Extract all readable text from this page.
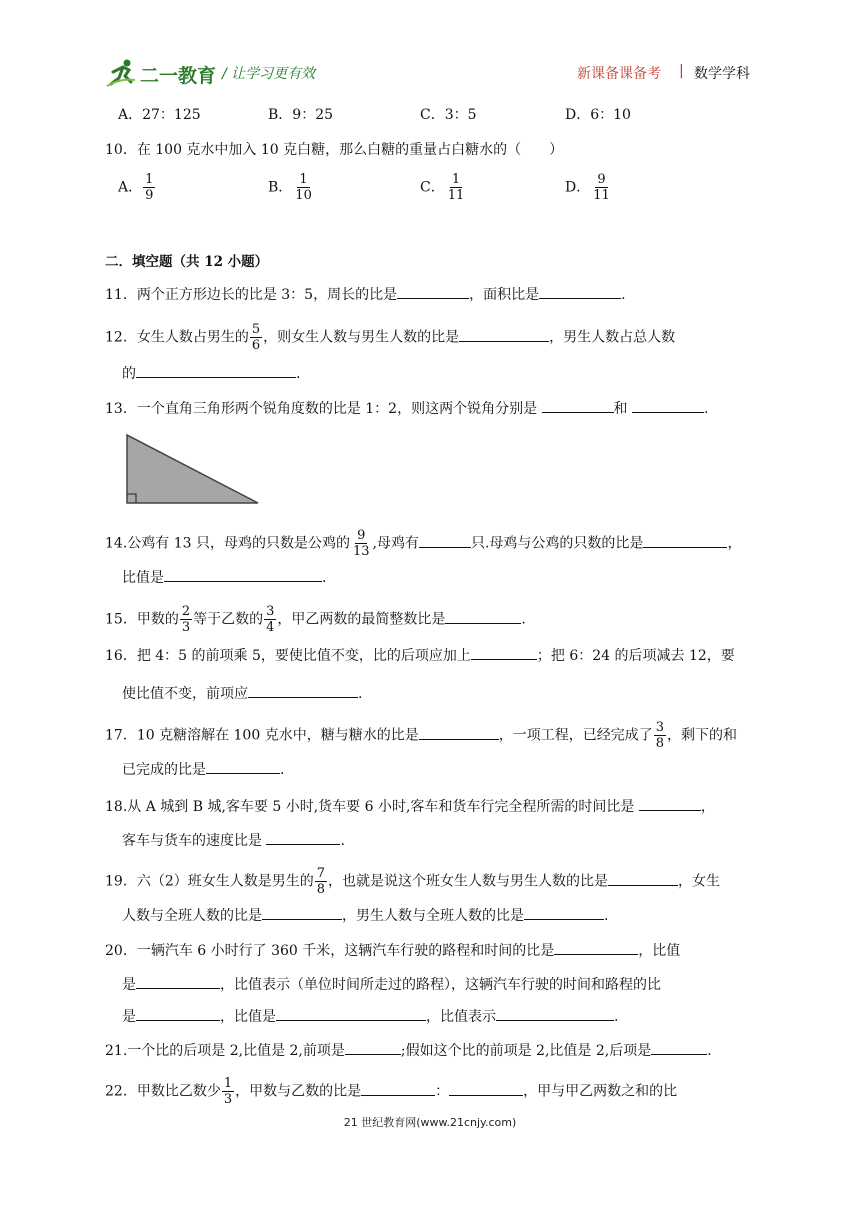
二一教育 / 让学习更有效	新课备课备考 | 数学学科
A．27：125	B．9：25	C．3：5	D．6：10
10．在 100 克水中加入 10 克白糖，那么白糖的重量占白糖水的（　　）
A． $\frac{1}{9}$	B． $\frac{1}{10}$	C． $\frac{1}{11}$	D． $\frac{9}{11}$
二．填空题（共 12 小题）
11．两个正方形边长的比是 3：5，周长的比是	，面积比是	.
12．女生人数占男生的 $\frac{5}{6}$ ，则女生人数与男生人数的比是	，男生人数占总人数
的	.
13．一个直角三角形两个锐角度数的比是 1：2，则这两个锐角分别是	和	.
14.公鸡有 13 只，母鸡的只数是公鸡的 $\frac{9}{13}$ ,母鸡有	只.母鸡与公鸡的只数的比是	，
比值是	.
15．甲数的 $\frac{2}{3}$ 等于乙数的 $\frac{3}{4}$ ，甲乙两数的最简整数比是	.
16．把 4：5 的前项乘 5，要使比值不变，比的后项应加上	；把 6：24 的后项减去 12，要
使比值不变，前项应	.
17．10 克糖溶解在 100 克水中，糖与糖水的比是	，一项工程，已经完成了 $\frac{3}{8}$ ，剩下的和
已完成的比是	.
18.从 A 城到 B 城,客车要 5 小时,货车要 6 小时,客车和货车行完全程所需的时间比是	，
客车与货车的速度比是	.
19．六（2）班女生人数是男生的 $\frac{7}{8}$ ，也就是说这个班女生人数与男生人数的比是	，女生
人数与全班人数的比是	，男生人数与全班人数的比是	.
20．一辆汽车 6 小时行了 360 千米，这辆汽车行驶的路程和时间的比是	，比值
是	，比值表示（单位时间所走过的路程），这辆汽车行驶的时间和路程的比
是	，比值是	，比值表示	.
21.一个比的后项是 2,比值是 2,前项是	;假如这个比的前项是 2,比值是 2,后项是	.
22．甲数比乙数少 $\frac{1}{3}$ ，甲数与乙数的比是	：	，甲与甲乙两数之和的比
21 世纪教育网(www.21cnjy.com)
